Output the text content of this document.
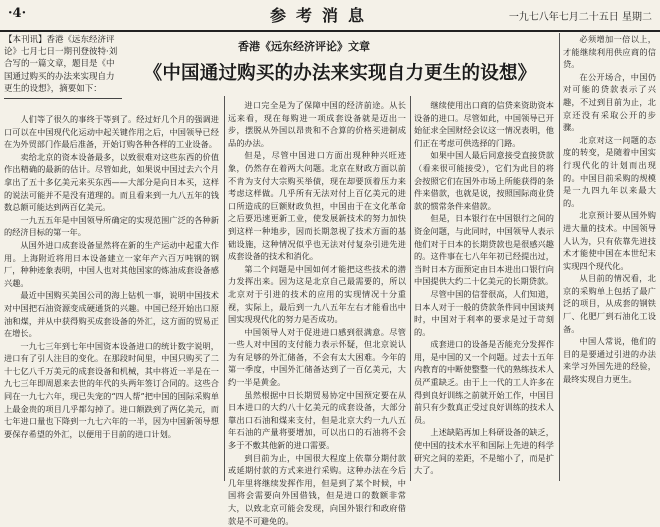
·4·	参考消息	一九七八年七月二十五日 星期二
【本刊讯】香港《远东经济评论》七月七日一期刊登彼特·刘合写的一篇文章，题目是《中国通过购买的办法来实现自力更生的设想》，摘要如下：
香港《远东经济评论》文章
《中国通过购买的办法来实现自力更生的设想》

人们等了很久的事终于等到了。经过好几个月的强调进口可以在中国现代化运动中起关键作用之后，中国领导已经在为外贸部门作最后准备，开始订购各种各样的工业设备。

卖给北京的资本设备最多，以致很难对这些东西的价值作出精确的最新的估计。尽管如此，如果说中国过去六个月拿出了五十多亿美元来买东西——大部分是向日本买，这样的说法可能并不是没有道理的。而且看来到一九八五年的钱数总额可能达到两百亿美元。

一九五五年是中国领导所确定的实现范围广泛的各种新的经济目标的第一年。

从国外进口成套设备显然将在新的生产运动中起重大作用。上海附近将用日本设备建立一家年产六百万吨钢的钢厂，种种迹象表明，中国人也对其他国家的炼油成套设备感兴趣。

最近中国购买美国公司的海上钻机一事，说明中国技术对中国把石油资源变成硬通货的兴趣。中国已经开始出口原油和煤，并从中获得购买成套设备的外汇，这方面的贸易正在增长。

一九七三年到七年中国资本设备进口的统计数字说明，进口有了引人注目的变化。在那段时间里，中国只购买了二十七亿八千万美元的成套设备和机械，其中将近一半是在一九七三年即周恩来去世的年代的头两年签订合同的。这些合同在一九七六年，现已失宠的“四人帮”把中国的国际采购单上最金贵的项目几乎都勾掉了。进口额跌到了两亿美元，而七年进口量也下降到一九七六年的一半，因为中国新领导想要保存希望的外汇，以便用于目前的进口计划。

进口完全是为了保障中国的经济前途。从长远来看，现在每购进一项成套设备就是迈出一步，摆脱从外国以昂贵和不合算的价格买进制成品的办法。

但是，尽管中国进口方面出现种种兴旺迹象，仍然存在着两大问题。北京在财政方面以前不肯为支付大宗购买举债，现在却要顶着压力来考虑这样做。几乎所有无法对付上百亿美元的进口所造成的巨额财政负担，中国由于在文化革命之后要迅速更新工业，使发展新技术的努力加快到这样一种地步，因而长期忽视了技术方面的基础设施，这种情况似乎也无法对付复杂引进先进成套设备的技术和消化。

第二个问题是中国如何才能把这些技术的潜力发挥出来。因为这是北京自己最需要的，所以北京对于引进的技术的应用的实现情况十分重视，实际上，最后到一九八五年左右才能看出中国实现现代化的努力是否成功。

中国领导人对于促进进口感到很满意。尽管一些人对中国的支付能力表示怀疑，但北京说认为有足够的外汇储备，不会有太大困难。今年的第一季度，中国外汇储备达到了一百亿美元，大约一半是黄金。

虽然根据中日长期贸易协定中国预定要在从日本进口的大约八十亿美元的成套设备，大部分靠出口石油和煤来支付，但是北京大约一九八五年石油的产量将要增加，可以出口的石油将不会多于不敷其他新的进口需要。

到目前为止，中国很大程度上依靠分期付款或延期付款的方式来进行采购。这种办法在今后几年里将继续发挥作用，但是到了某个时候，中国将会需要向外国借钱，但是进口的数额非常大，以致北京可能会发现，向国外银行和政府借款是不可避免的。

继续使用出口商的信贷来资助资本设备的进口。尽管如此，中国领导已开始征求全国财经会议这一情况表明，他们正在考虑可供选择的门路。

如果中国人最后同意接受直接贷款（看来很可能接受），它们为此目的将会按照它们在国外市场上所能获得的条件来借款，也就是说，按照国际商业贷款的惯常条件来借款。

但是，日本银行在中国银行之间的资金问题，与此同时，中国领导人表示他们对于日本的长期贷款也是很感兴趣的。这件事在七八年年初已经提出过，当时日本方面预定由日本进出口银行向中国提供大约二十亿美元的长期贷款。

尽管中国的信誉很高，人们知道，日本人对于一般的贷款条件同中国谈判时，中国对于利率的要求是过于苛刻的。

成套进口的设备是否能充分发挥作用，是中国的又一个问题。过去十五年内教育的中断使整整一代的熟练技术人员严重缺乏。由于上一代的工人许多在得到良好训练之前就开始工作，中国目前只有少数真正受过良好训练的技术人员。

上述缺陷再加上科研设备的缺乏，使中国的技术水平和国际上先进的科学研究之间的差距，不是缩小了，而是扩大了。

必须增加一倍以上，才能继续利用供应商的信贷。

在公开场合，中国仍对可能的贷款表示了兴趣，不过到目前为止，北京还没有采取公开的步骤。

北京对这一问题的态度的转变，是随着中国实行现代化的计划而出现的。中国目前采购的规模是一九四九年以来最大的。

北京预计要从国外购进大量的技术。中国领导人认为，只有依靠先进技术才能使中国在本世纪末实现四个现代化。

从目前的情况看，北京的采购单上包括了最广泛的项目，从成套的钢铁厂、化肥厂到石油化工设备。

中国人常说，他们的目的是要通过引进的办法来学习外国先进的经验，最终实现自力更生。
